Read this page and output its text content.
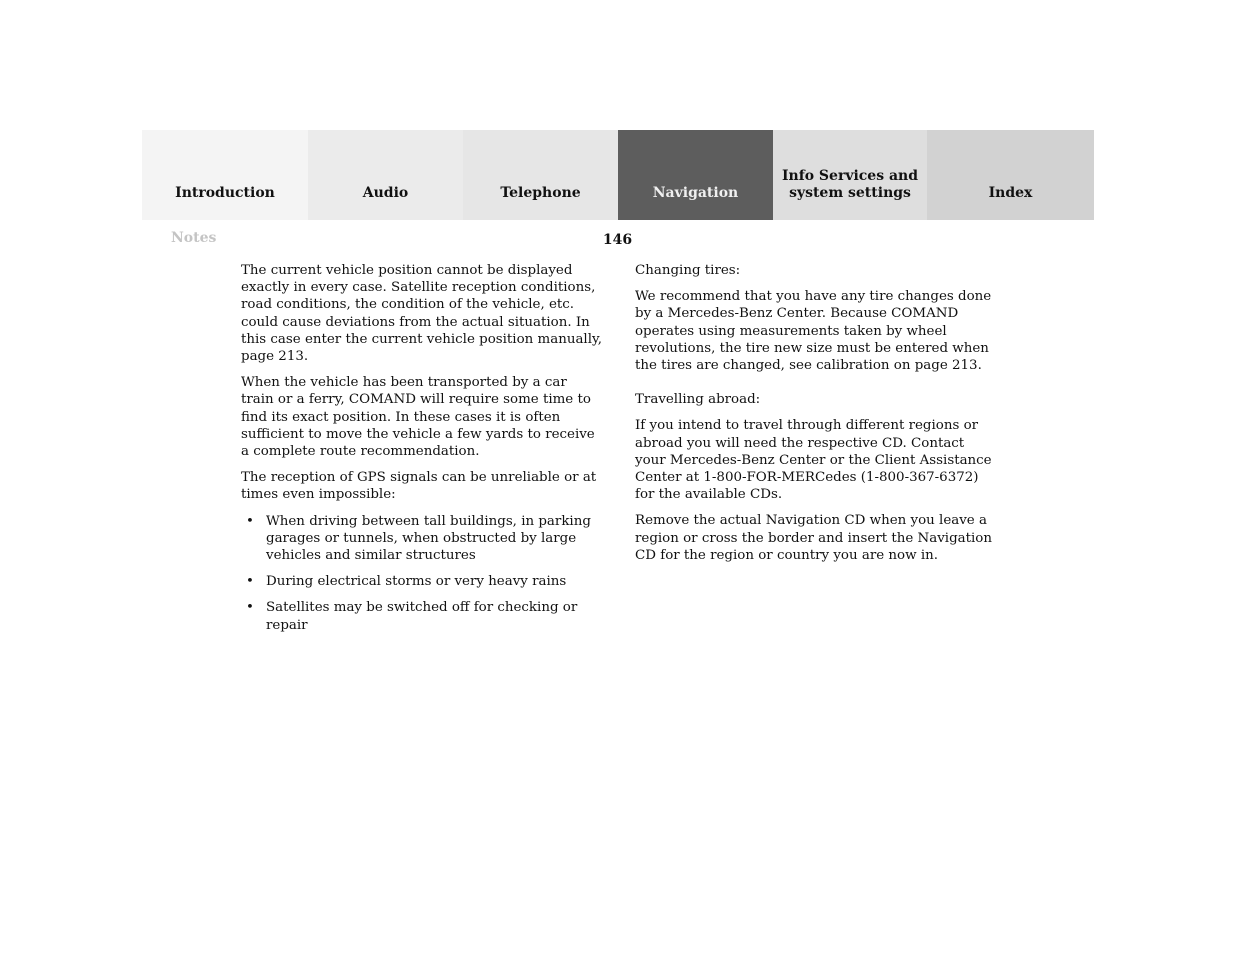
Introduction	Audio	Telephone	Navigation
Info Services and
system settings	Index
Notes	146

The current vehicle position cannot be displayed exactly in every case. Satellite reception conditions, road conditions, the condition of the vehicle, etc. could cause deviations from the actual situation. In this case enter the current vehicle position manually, page 213.

When the vehicle has been transported by a car train or a ferry, COMAND will require some time to find its exact position. In these cases it is often sufficient to move the vehicle a few yards to receive a complete route recommendation.

The reception of GPS signals can be unreliable or at times even impossible:

• When driving between tall buildings, in parking garages or tunnels, when obstructed by large vehicles and similar structures
• During electrical storms or very heavy rains
• Satellites may be switched off for checking or repair

Changing tires:

We recommend that you have any tire changes done by a Mercedes-Benz Center. Because COMAND operates using measurements taken by wheel revolutions, the tire new size must be entered when the tires are changed, see calibration on page 213.

Travelling abroad:

If you intend to travel through different regions or abroad you will need the respective CD. Contact your Mercedes-Benz Center or the Client Assistance Center at 1-800-FOR-MERCedes (1-800-367-6372) for the available CDs.

Remove the actual Navigation CD when you leave a region or cross the border and insert the Navigation CD for the region or country you are now in.
